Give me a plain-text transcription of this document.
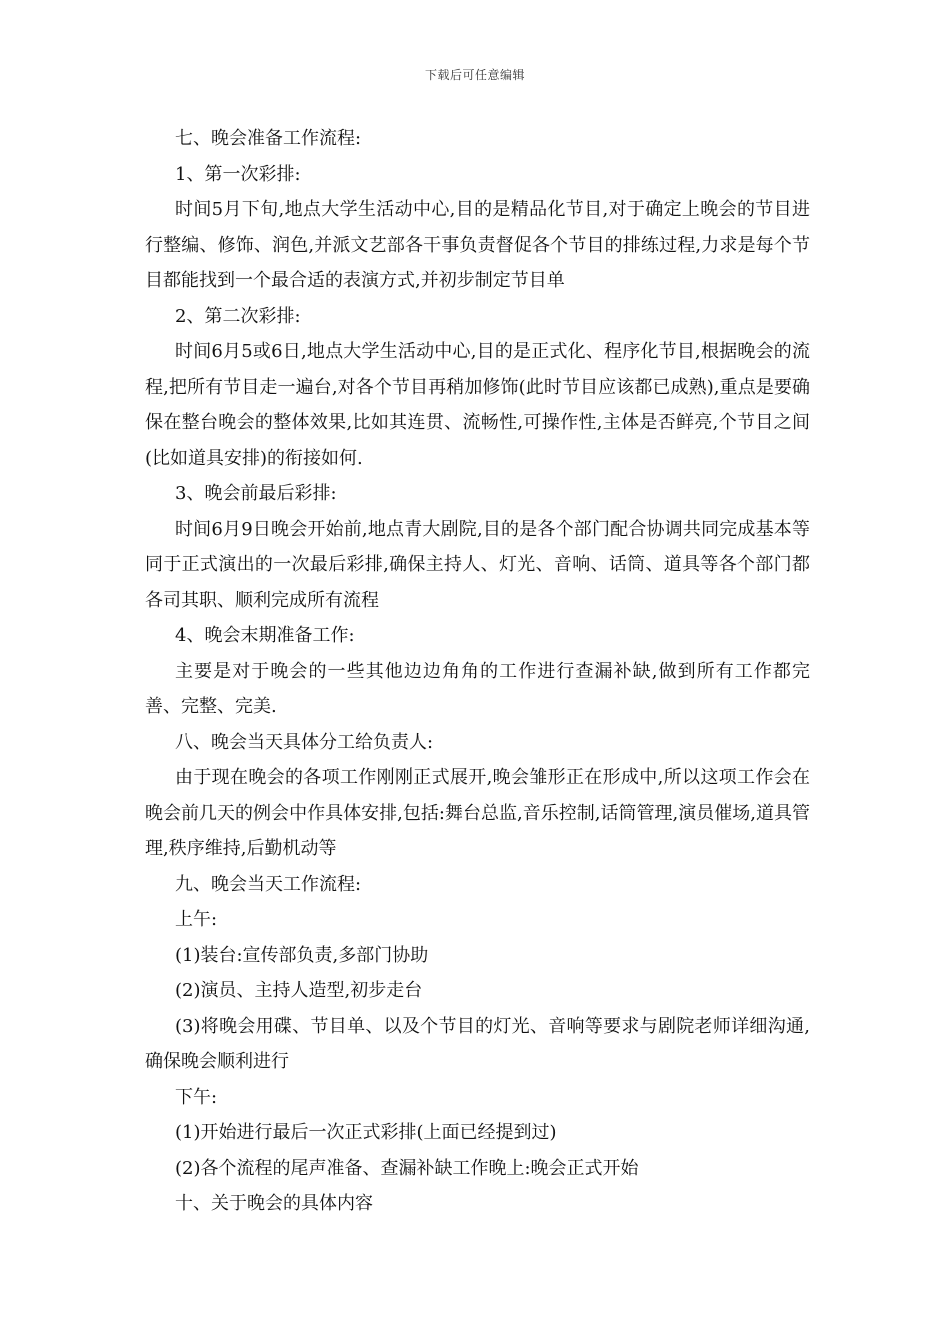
下载后可任意编辑

七、晚会准备工作流程:

1、第一次彩排:

时间5月下旬,地点大学生活动中心,目的是精品化节目,对于确定上晚会的节目进行整编、修饰、润色,并派文艺部各干事负责督促各个节目的排练过程,力求是每个节目都能找到一个最合适的表演方式,并初步制定节目单

2、第二次彩排:

时间6月5或6日,地点大学生活动中心,目的是正式化、程序化节目,根据晚会的流程,把所有节目走一遍台,对各个节目再稍加修饰(此时节目应该都已成熟),重点是要确保在整台晚会的整体效果,比如其连贯、流畅性,可操作性,主体是否鲜亮,个节目之间(比如道具安排)的衔接如何.

3、晚会前最后彩排:

时间6月9日晚会开始前,地点青大剧院,目的是各个部门配合协调共同完成基本等同于正式演出的一次最后彩排,确保主持人、灯光、音响、话筒、道具等各个部门都各司其职、顺利完成所有流程

4、晚会末期准备工作:

主要是对于晚会的一些其他边边角角的工作进行查漏补缺,做到所有工作都完善、完整、完美.

八、晚会当天具体分工给负责人:

由于现在晚会的各项工作刚刚正式展开,晚会雏形正在形成中,所以这项工作会在晚会前几天的例会中作具体安排,包括:舞台总监,音乐控制,话筒管理,演员催场,道具管理,秩序维持,后勤机动等

九、晚会当天工作流程:

上午:

(1)装台:宣传部负责,多部门协助

(2)演员、主持人造型,初步走台

(3)将晚会用碟、节目单、以及个节目的灯光、音响等要求与剧院老师详细沟通,确保晚会顺利进行

下午:

(1)开始进行最后一次正式彩排(上面已经提到过)

(2)各个流程的尾声准备、查漏补缺工作晚上:晚会正式开始

十、关于晚会的具体内容
